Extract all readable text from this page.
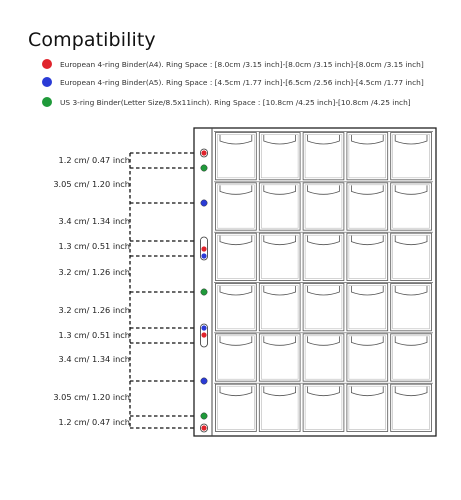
Compatibility
European 4-ring Binder(A4). Ring Space : [8.0cm /3.15 inch]-[8.0cm /3.15 inch]-[8.0cm /3.15 inch]
European 4-ring Binder(A5). Ring Space : [4.5cm /1.77 inch]-[6.5cm /2.56 inch]-[4.5cm /1.77 inch]
US 3-ring Binder(Letter Size/8.5x11inch). Ring Space : [10.8cm /4.25 inch]-[10.8cm /4.25 inch]
1.2 cm/ 0.47 inch
3.05 cm/ 1.20 inch
3.4 cm/ 1.34 inch
1.3 cm/ 0.51 inch
3.2 cm/ 1.26 inch
3.2 cm/ 1.26 inch
1.3 cm/ 0.51 inch
3.4 cm/ 1.34 inch
3.05 cm/ 1.20 inch
1.2 cm/ 0.47 inch
